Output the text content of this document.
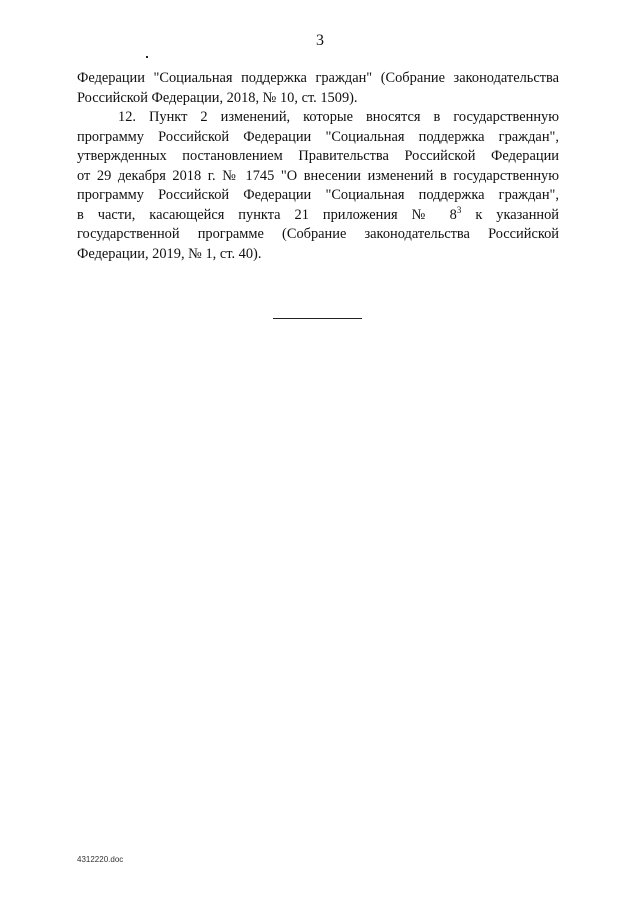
3
Федерации "Социальная поддержка граждан" (Собрание законодательства
Российской Федерации, 2018, № 10, ст. 1509).
12. Пункт 2 изменений, которые вносятся в государственную
программу Российской Федерации "Социальная поддержка граждан",
утвержденных постановлением Правительства Российской Федерации
от 29 декабря 2018 г. № 1745 "О внесении изменений в государственную
программу Российской Федерации "Социальная поддержка граждан",
в части, касающейся пункта 21 приложения № $8^3$ к указанной
государственной программе (Собрание законодательства Российской
Федерации, 2019, № 1, ст. 40).
4312220.doc
